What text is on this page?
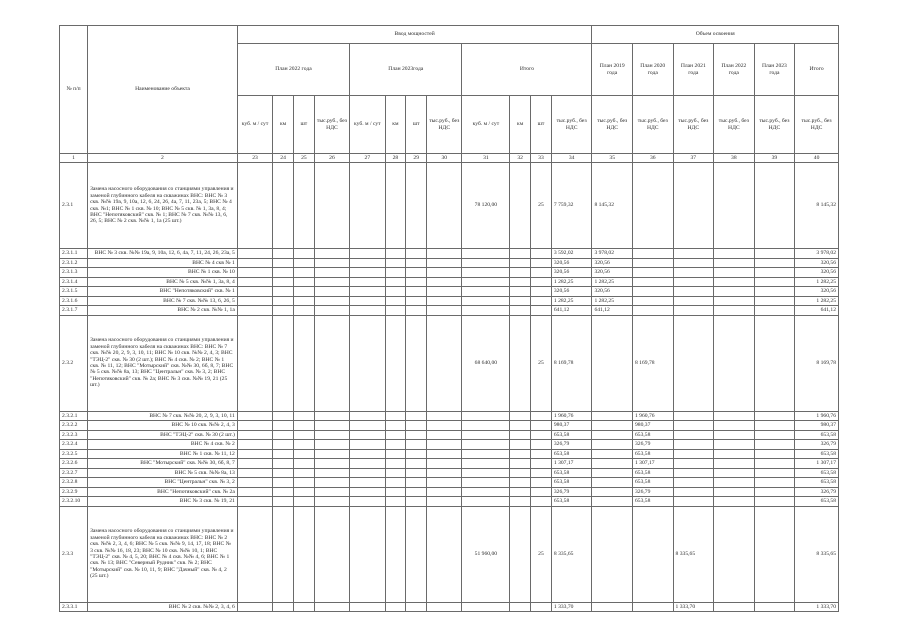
№ п/п	Наименование объекта	Ввод мощностей												Объем освоения					
		План 2022 года				План 2023года				Итого				План 2019 года	План 2020 года	План 2021 года	План 2022 года	План 2023 года	Итого
		куб. м / сут	км	шт	тыс.руб., без НДС	куб. м / сут	км	шт	тыс.руб., без НДС	куб. м / сут	км	шт	тыс.руб., без НДС	тыс.руб., без НДС	тыс.руб., без НДС	тыс.руб., без НДС	тыс.руб., без НДС	тыс.руб., без НДС	тыс.руб., без НДС
1	2	23	24	25	26	27	28	29	30	31	32	33	34	35	36	37	38	39	40
2.3.1	Замена насосного оборудования со станциями управления и заменой глубинного кабеля на скважинах ВНС: ВНС № 3 скв. №№ 19а, 9, 10а, 12, 6, 24, 26, 4а, 7, 11, 23а, 5; ВНС № 4 скв. №1; ВНС № 1 скв. № 10; ВНС № 5 скв. № 1, 3а, 8, 4; ВНС "Непотяковский" скв. № 1; ВНС № 7 скв. №№ 13, 6, 26, 5; ВНС № 2 скв. №№ 1, 1а (25 шт.)									78 120,00		25	7 759,32	8 145,32					8 145,32
2.3.1.1	ВНС № 3 скв. №№ 19а, 9, 10а, 12, 6, 4а, 7, 11, 24, 26, 23а, 5												3 592,02	3 978,02					3 978,02
2.3.1.2	ВНС № 4 скв № 1												320,56	320,56					320,56
2.3.1.3	ВНС № 1 скв. № 10												320,56	320,56					320,56
2.3.1.4	ВНС № 5 скв. №№ 1, 3а, 8, 4												1 282,25	1 282,25					1 282,25
2.3.1.5	ВНС "Непотяковский" скв. № 1												320,56	320,56					320,56
2.3.1.6	ВНС № 7 скв. №№ 13, 6, 26, 5												1 282,25	1 282,25					1 282,25
2.3.1.7	ВНС № 2 скв. №№ 1, 1а												641,12	641,12					641,12
2.3.2	Замена насосного оборудования со станциями управления и заменой глубинного кабеля на скважинах ВНС: ВНС № 7 скв. №№ 20, 2, 9, 3, 10, 11; ВНС № 10 скв. №№ 2, 4, 3; ВНС "ТЭЦ-2" скв. № 30 (2 шт.); ВНС № 4 скв. № 2; ВНС № 1 скв. № 11, 12; ВНС "Мотырский" скв. №№ 30, 6б, 8, 7; ВНС № 5 скв. №№ 8а, 13; ВНС "Центральн" скв. № 3, 2; ВНС "Непотяковский" скв. № 2а; ВНС № 3 скв. №№ 19, 21 (25 шт.)									68 640,00		25	8 169,78		8 169,78				8 169,78
2.3.2.1	ВНС № 7 скв. №№ 20, 2, 9, 3, 10, 11												1 960,76		1 960,76				1 960,76
2.3.2.2	ВНС № 10 скв. №№ 2, 4, 3												980,37		980,37				980,37
2.3.2.3	ВНС "ТЭЦ-2" скв. № 30 (2 шт.)												653,58		653,58				653,58
2.3.2.4	ВНС № 4 скв. № 2												326,79		326,79				326,79
2.3.2.5	ВНС № 1 скв. № 11, 12												653,58		653,58				653,58
2.3.2.6	ВНС "Мотырский" скв. №№ 30, 6б, 8, 7												1 307,17		1 307,17				1 307,17
2.3.2.7	ВНС № 5 скв. №№ 8а, 13												653,58		653,58				653,58
2.3.2.8	ВНС "Центральн" скв. № 3, 2												653,58		653,58				653,58
2.3.2.9	ВНС "Непотяковский" скв. № 2а												326,79		326,79				326,79
2.3.2.10	ВНС № 3 скв. № 19, 21												653,58		653,58				653,58
2.3.3	Замена насосного оборудования со станциями управления и заменой глубинного кабеля на скважинах ВНС: ВНС № 2 скв. №№ 2, 3, 4, 6; ВНС № 5 скв. №№ 9, 14, 17, 18; ВНС № 3 скв. №№ 16, 18, 23; ВНС № 10 скв. №№ 10, 1; ВНС "ТЭЦ-2" скв. № 4, 5, 20; ВНС № 4 скв. №№ 4, 6; ВНС № 1 скв. № 13; ВНС "Северный Рудник" скв. № 2; ВНС "Мотырский" скв. № 10, 11, 9; ВНС "Дачный" скв. № 4, 2 (25 шт.)									51 960,00		25	8 335,65			8 335,65			8 335,65
2.3.3.1	ВНС № 2 скв. №№ 2, 3, 4, 6												1 333,70			1 333,70			1 333,70
